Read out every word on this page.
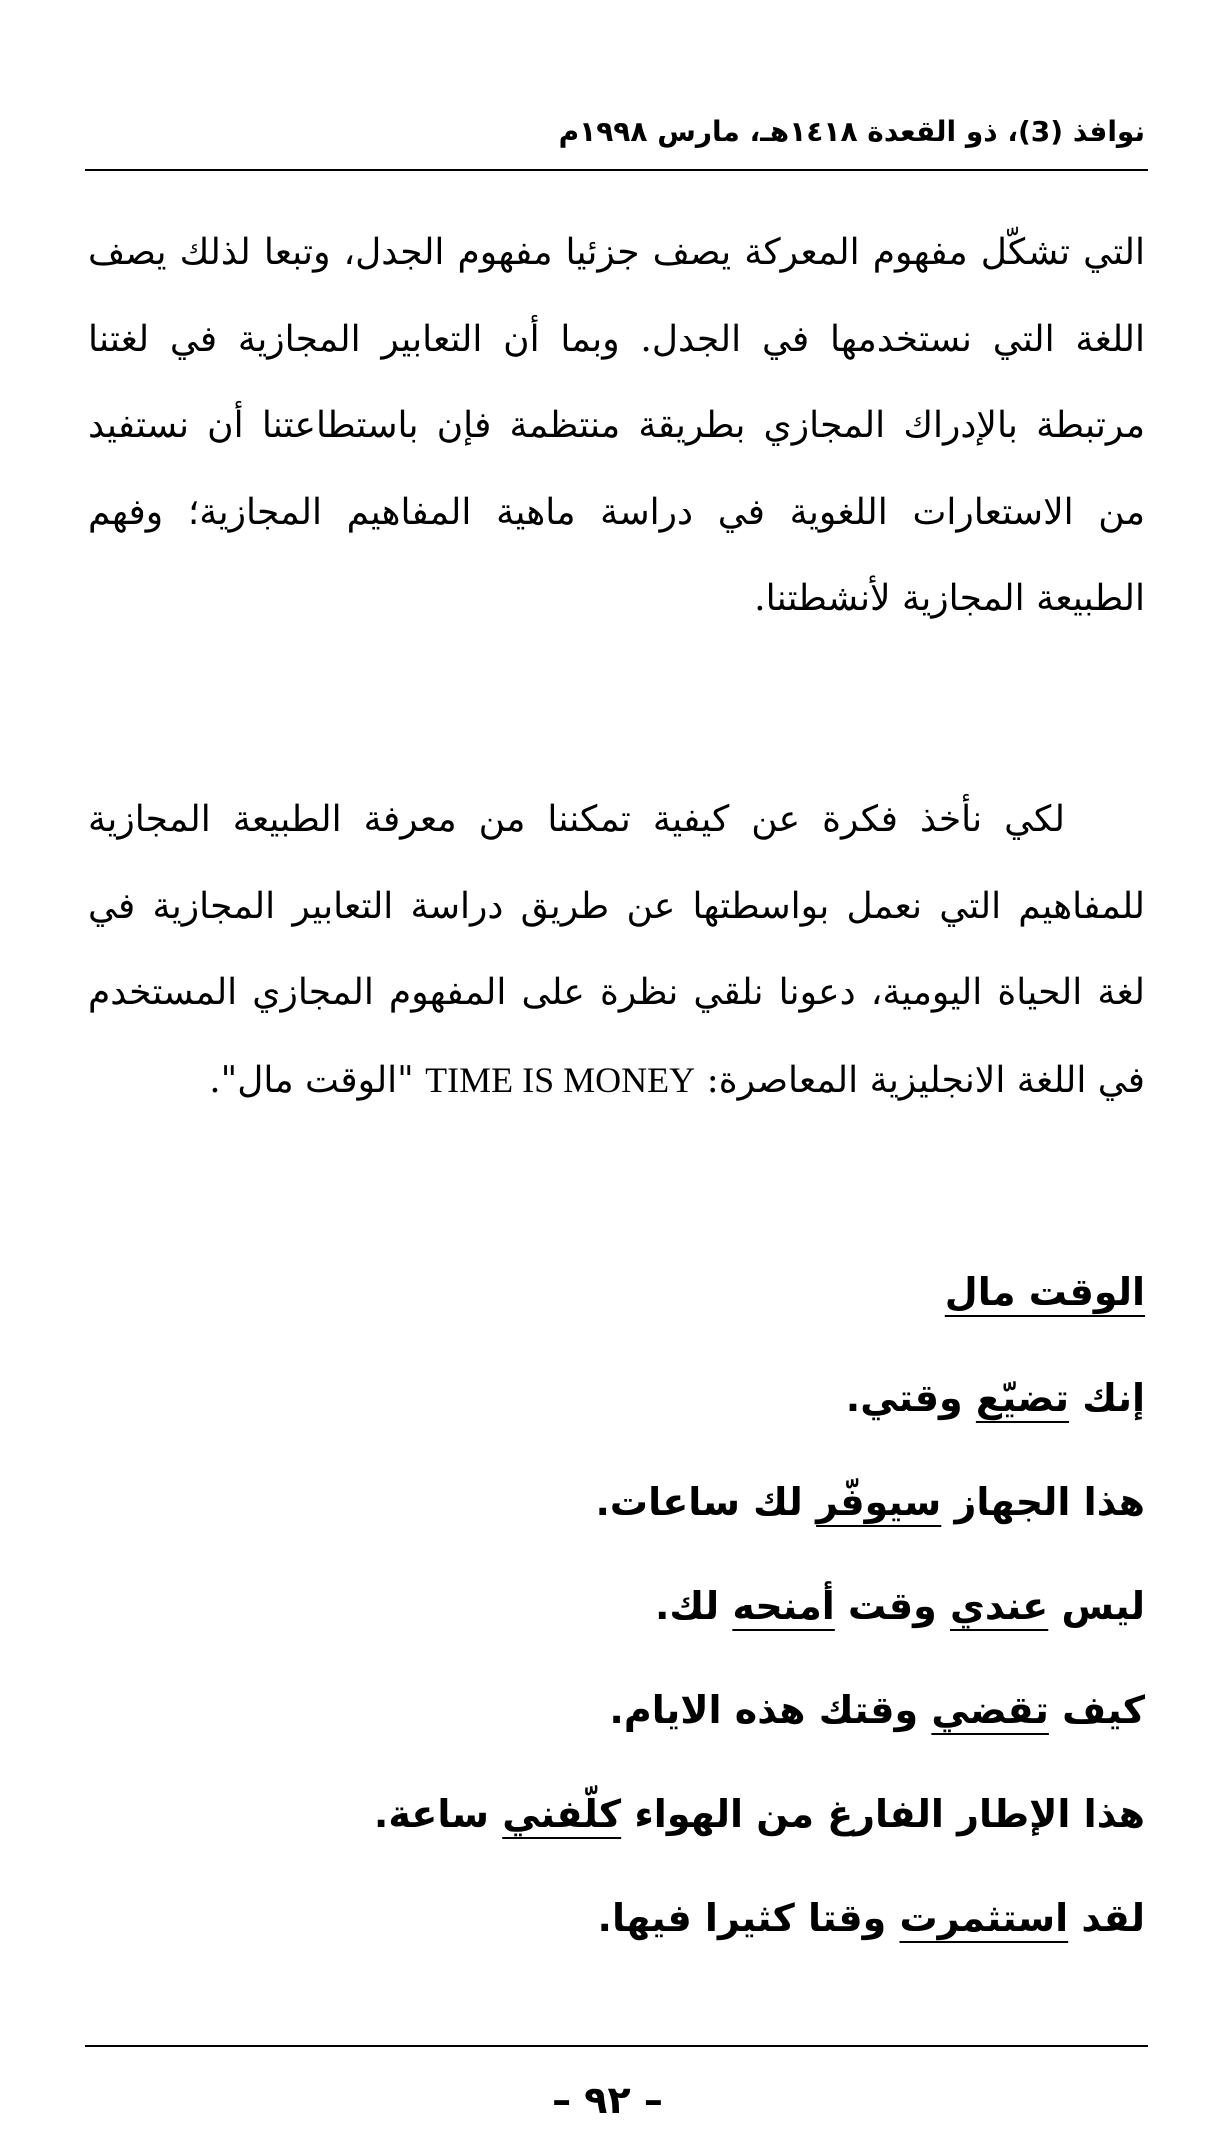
نوافذ (3)، ذو القعدة ١٤١٨هـ، مارس ١٩٩٨م

التي تشكّل مفهوم المعركة يصف جزئيا مفهوم الجدل، وتبعا لذلك يصف اللغة التي نستخدمها في الجدل. وبما أن التعابير المجازية في لغتنا مرتبطة بالإدراك المجازي بطريقة منتظمة فإن باستطاعتنا أن نستفيد من الاستعارات اللغوية في دراسة ماهية المفاهيم المجازية؛ وفهم الطبيعة المجازية لأنشطتنا.

لكي نأخذ فكرة عن كيفية تمكننا من معرفة الطبيعة المجازية للمفاهيم التي نعمل بواسطتها عن طريق دراسة التعابير المجازية في لغة الحياة اليومية، دعونا نلقي نظرة على المفهوم المجازي المستخدم في اللغة الانجليزية المعاصرة: TIME IS MONEY "الوقت مال".

الوقت مال
إنك تضيّع وقتي.
هذا الجهاز سيوفّر لك ساعات.
ليس عندي وقت أمنحه لك.
كيف تقضي وقتك هذه الايام.
هذا الإطار الفارغ من الهواء كلّفني ساعة.
لقد استثمرت وقتا كثيرا فيها.
– ٩٢ –
